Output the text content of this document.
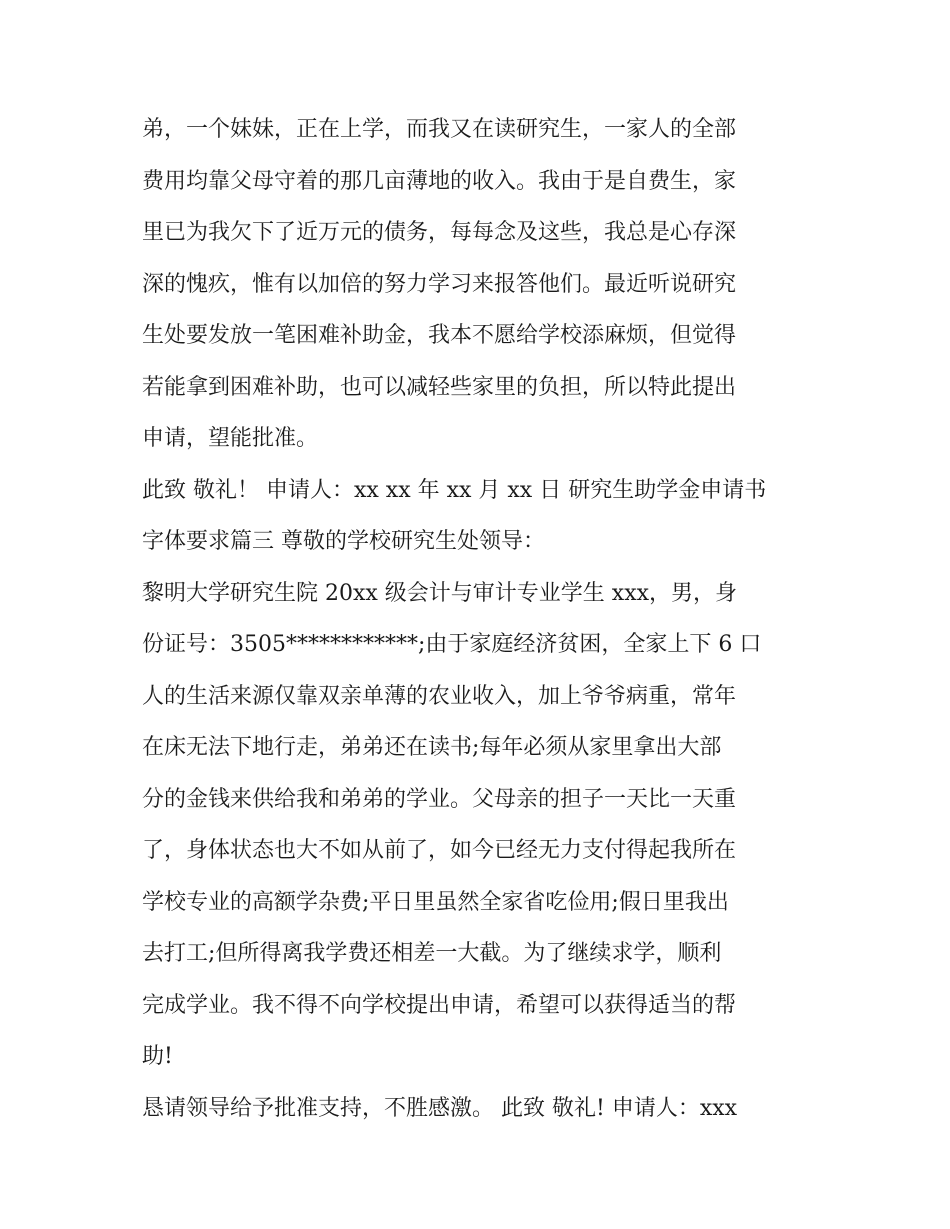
弟，一个妹妹，正在上学，而我又在读研究生，一家人的全部
费用均靠父母守着的那几亩薄地的收入。我由于是自费生，家
里已为我欠下了近万元的债务，每每念及这些，我总是心存深
深的愧疚，惟有以加倍的努力学习来报答他们。最近听说研究
生处要发放一笔困难补助金，我本不愿给学校添麻烦，但觉得
若能拿到困难补助，也可以减轻些家里的负担，所以特此提出
申请，望能批准。
此致 敬礼！ 申请人：xx xx 年 xx 月 xx 日 研究生助学金申请书
字体要求篇三 尊敬的学校研究生处领导：
黎明大学研究生院 20xx 级会计与审计专业学生 xxx，男，身
份证号：3505************;由于家庭经济贫困，全家上下 6 口
人的生活来源仅靠双亲单薄的农业收入，加上爷爷病重，常年
在床无法下地行走，弟弟还在读书;每年必须从家里拿出大部
分的金钱来供给我和弟弟的学业。父母亲的担子一天比一天重
了，身体状态也大不如从前了，如今已经无力支付得起我所在
学校专业的高额学杂费;平日里虽然全家省吃俭用;假日里我出
去打工;但所得离我学费还相差一大截。为了继续求学，顺利
完成学业。我不得不向学校提出申请，希望可以获得适当的帮
助!
恳请领导给予批准支持，不胜感激。 此致 敬礼! 申请人：xxx
